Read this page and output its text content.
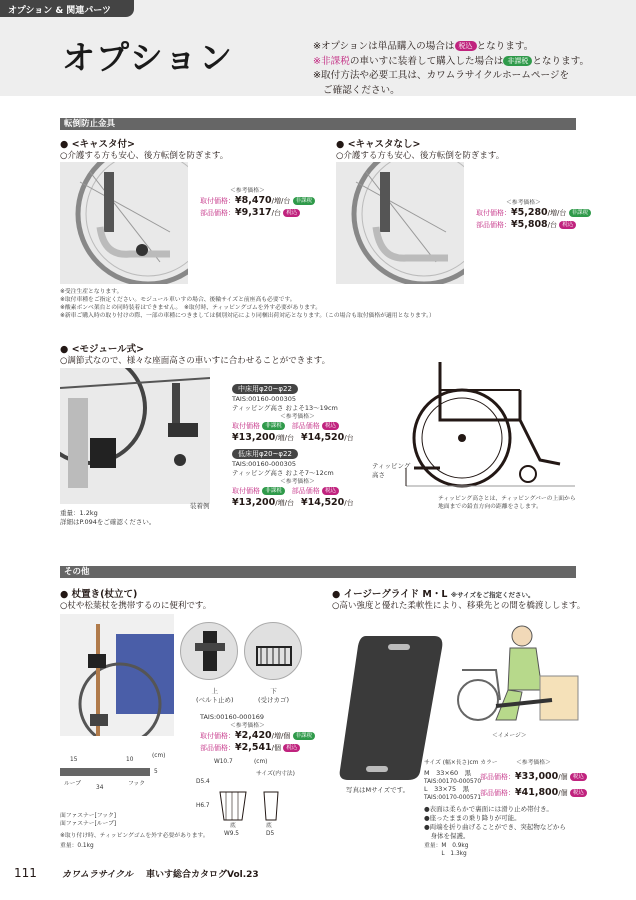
オプション & 関連パーツ
オプション	※オプションは単品購入の場合は 税込 となります。
※非課税の車いすに装着して購入した場合は 非課税 となります。
※取付方法や必要工具は、カワムラサイクルホームページを
ご確認ください。
転倒防止金具
● <キャスタ付>
○介護する方も安心、後方転倒を防ぎます。
＜参考価格＞
取付価格：¥8,470/増/台 非課税
部品価格：¥9,317/台 税込
● <キャスタなし>
○介護する方も安心、後方転倒を防ぎます。
＜参考価格＞
取付価格：¥5,280/増/台 非課税
部品価格：¥5,808/台 税込
※受注生産となります。
※取付車種をご指定ください。モジュール車いすの場合、後輪サイズと前座高も必要です。
※酸素ボンベ架台との同時装着はできません。　※取付時、ティッピングゴムを外す必要があります。
※新車ご購入時の取り付けの際、一部の車種につきましては個別対応により同梱出荷対応となります。（この場合も取付価格が適用となります。）
● <モジュール式>
○調節式なので、様々な座面高さの車いすに合わせることができます。
装着例
重量：1.2kg
詳細はP.094をご確認ください。
中床用φ20~φ22
TAIS:00160-000305
ティッピング高さ およそ13～19cm
＜参考価格＞
取付価格 非課税　 部品価格 税込
¥13,200/増/台　 ¥14,520/台
低床用φ20~φ22
TAIS:00160-000305
ティッピング高さ およそ7～12cm
＜参考価格＞
取付価格 非課税　 部品価格 税込
¥13,200/増/台　 ¥14,520/台
ティッピング
高さ
ティッピング高さとは、ティッピングバーの上面から
地面までの鉛直方向の距離をさします。
その他
● 杖置き(杖立て)
○杖や松葉杖を携帯するのに便利です。
上
(ベルト止め)
下
(受けカゴ)
TAIS:00160-000169
＜参考価格＞
取付価格：¥2,420/増/個 非課税
部品価格：¥2,541/個 税込
15	10
(cm)
5
ループ
34
フック
面ファスナー[フック]
面ファスナー[ループ]
W10.7	(cm)
サイズ(内寸法)
D5.4
H6.7
底
W9.5
底
D5
※取り付け時、ティッピングゴムを外す必要があります。
重量：0.1kg
● イージーグライド M・L ※サイズをご指定ください。
○高い強度と優れた柔軟性により、移乗先との間を橋渡しします。
写真はMサイズです。
＜イメージ＞
サイズ (幅×長さ)cm カラー	＜参考価格＞
M　33×60　黒
TAIS:00170-000570
部品価格：¥33,000/個 税込
L　33×75　黒
TAIS:00170-000571
部品価格：¥41,800/個 税込
●表面は柔らかで裏面には滑り止め帯付き。
●座ったままの乗り降りが可能。
●両端を折り曲げることができ、突起物などから
　身体を保護。
重量：M　0.9kg
　　　L　1.3kg
111	カワムラサイクル 車いす総合カタログVol.23
